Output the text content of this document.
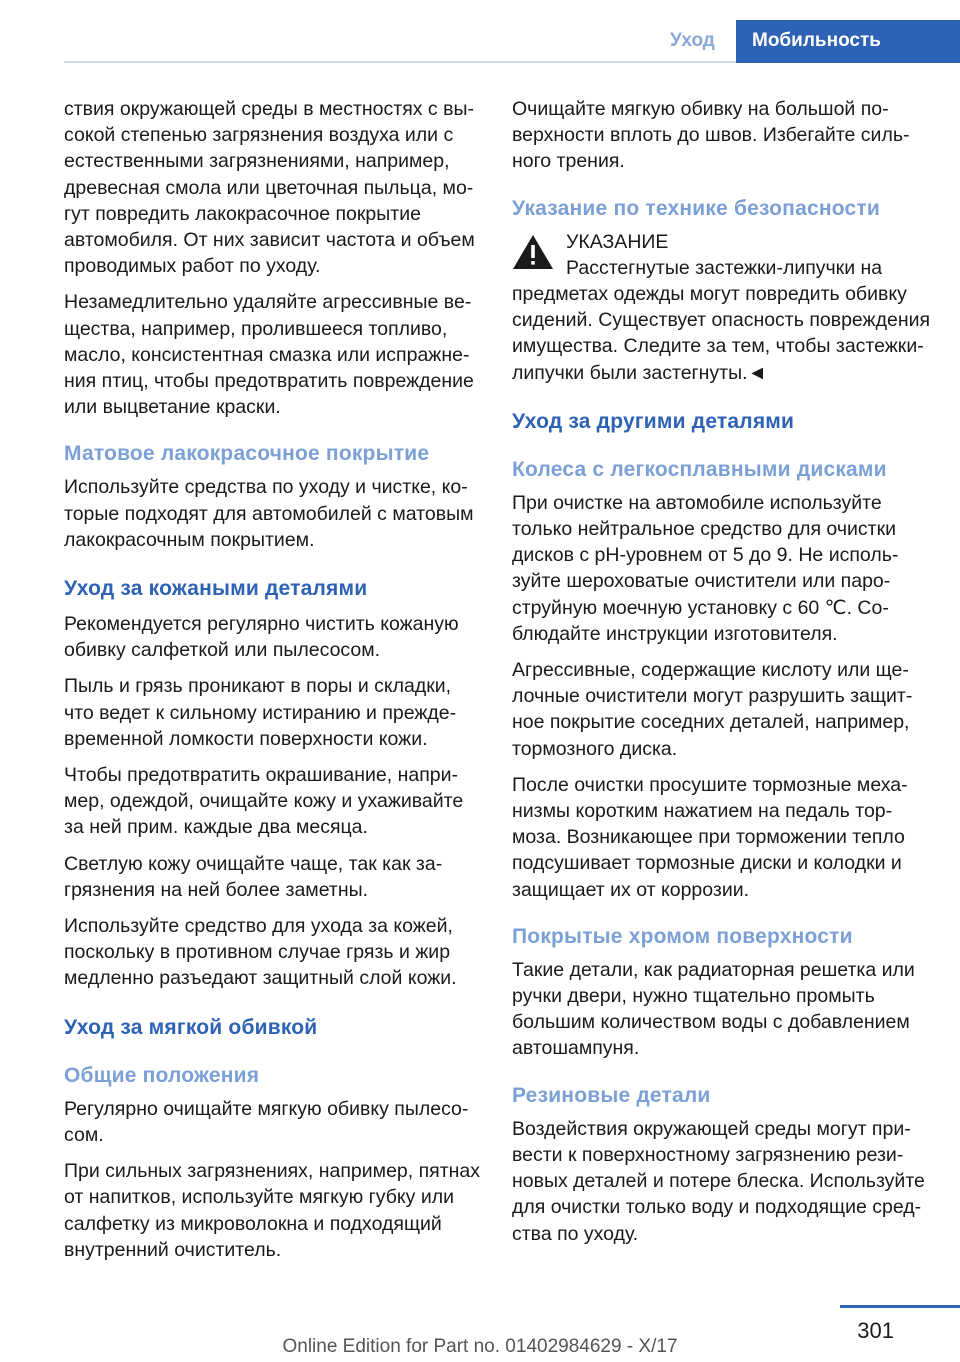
Уход	Мобильность

ствия окружающей среды в местностях с высокой степенью загрязнения воздуха или с естественными загрязнениями, например, древесная смола или цветочная пыльца, могут повредить лакокрасочное покрытие автомобиля. От них зависит частота и объем проводимых работ по уходу.

Незамедлительно удаляйте агрессивные вещества, например, пролившееся топливо, масло, консистентная смазка или испражнения птиц, чтобы предотвратить повреждение или выцветание краски.

Матовое лакокрасочное покрытие

Используйте средства по уходу и чистке, которые подходят для автомобилей с матовым лакокрасочным покрытием.

Уход за кожаными деталями

Рекомендуется регулярно чистить кожаную обивку салфеткой или пылесосом.

Пыль и грязь проникают в поры и складки, что ведет к сильному истиранию и преждевременной ломкости поверхности кожи.

Чтобы предотвратить окрашивание, например, одеждой, очищайте кожу и ухаживайте за ней прим. каждые два месяца.

Светлую кожу очищайте чаще, так как загрязнения на ней более заметны.

Используйте средство для ухода за кожей, поскольку в противном случае грязь и жир медленно разъедают защитный слой кожи.

Уход за мягкой обивкой
Общие положения

Регулярно очищайте мягкую обивку пылесосом.

При сильных загрязнениях, например, пятнах от напитков, используйте мягкую губку или салфетку из микроволокна и подходящий внутренний очиститель.

Очищайте мягкую обивку на большой поверхности вплоть до швов. Избегайте сильного трения.

Указание по технике безопасности

УКАЗАНИЕ

Расстегнутые застежки-липучки на предметах одежды могут повредить обивку сидений. Существует опасность повреждения имущества. Следите за тем, чтобы застежки-липучки были застегнуты.◄

Уход за другими деталями
Колеса с легкосплавными дисками

При очистке на автомобиле используйте только нейтральное средство для очистки дисков с pH-уровнем от 5 до 9. Не используйте шероховатые очистители или пароструйную моечную установку с 60 ℃. Соблюдайте инструкции изготовителя.

Агрессивные, содержащие кислоту или щелочные очистители могут разрушить защитное покрытие соседних деталей, например, тормозного диска.

После очистки просушите тормозные механизмы коротким нажатием на педаль тормоза. Возникающее при торможении тепло подсушивает тормозные диски и колодки и защищает их от коррозии.

Покрытые хромом поверхности

Такие детали, как радиаторная решетка или ручки двери, нужно тщательно промыть большим количеством воды с добавлением автошампуня.

Резиновые детали

Воздействия окружающей среды могут привести к поверхностному загрязнению резиновых деталей и потере блеска. Используйте для очистки только воду и подходящие средства по уходу.

301
Online Edition for Part no. 01402984629 - X/17
